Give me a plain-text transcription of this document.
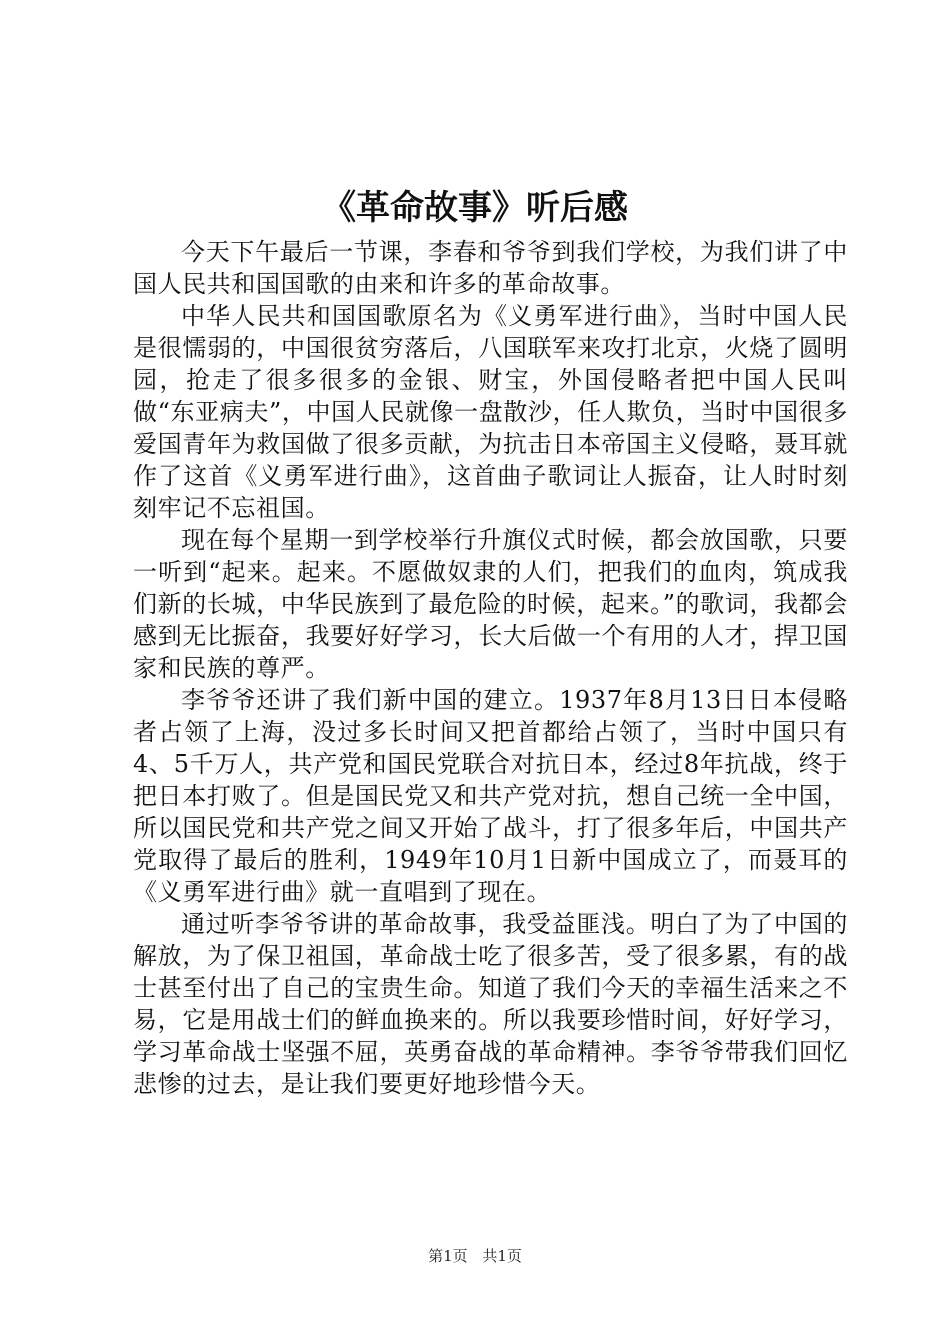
《革命故事》听后感

今天下午最后一节课，李春和爷爷到我们学校，为我们讲了中国人民共和国国歌的由来和许多的革命故事。

中华人民共和国国歌原名为《义勇军进行曲》，当时中国人民是很懦弱的，中国很贫穷落后，八国联军来攻打北京，火烧了圆明园，抢走了很多很多的金银、财宝，外国侵略者把中国人民叫做“东亚病夫”，中国人民就像一盘散沙，任人欺负，当时中国很多爱国青年为救国做了很多贡献，为抗击日本帝国主义侵略，聂耳就作了这首《义勇军进行曲》，这首曲子歌词让人振奋，让人时时刻刻牢记不忘祖国。

现在每个星期一到学校举行升旗仪式时候，都会放国歌，只要一听到“起来。起来。不愿做奴隶的人们，把我们的血肉，筑成我们新的长城，中华民族到了最危险的时候，起来。”的歌词，我都会感到无比振奋，我要好好学习，长大后做一个有用的人才，捍卫国家和民族的尊严。

李爷爷还讲了我们新中国的建立。1937年8月13日日本侵略者占领了上海，没过多长时间又把首都给占领了，当时中国只有4、5千万人，共产党和国民党联合对抗日本，经过8年抗战，终于把日本打败了。但是国民党又和共产党对抗，想自己统一全中国，所以国民党和共产党之间又开始了战斗，打了很多年后，中国共产党取得了最后的胜利，1949年10月1日新中国成立了，而聂耳的《义勇军进行曲》就一直唱到了现在。

通过听李爷爷讲的革命故事，我受益匪浅。明白了为了中国的解放，为了保卫祖国，革命战士吃了很多苦，受了很多累，有的战士甚至付出了自己的宝贵生命。知道了我们今天的幸福生活来之不易，它是用战士们的鲜血换来的。所以我要珍惜时间，好好学习，学习革命战士坚强不屈，英勇奋战的革命精神。李爷爷带我们回忆悲惨的过去，是让我们要更好地珍惜今天。

第1页 共1页
